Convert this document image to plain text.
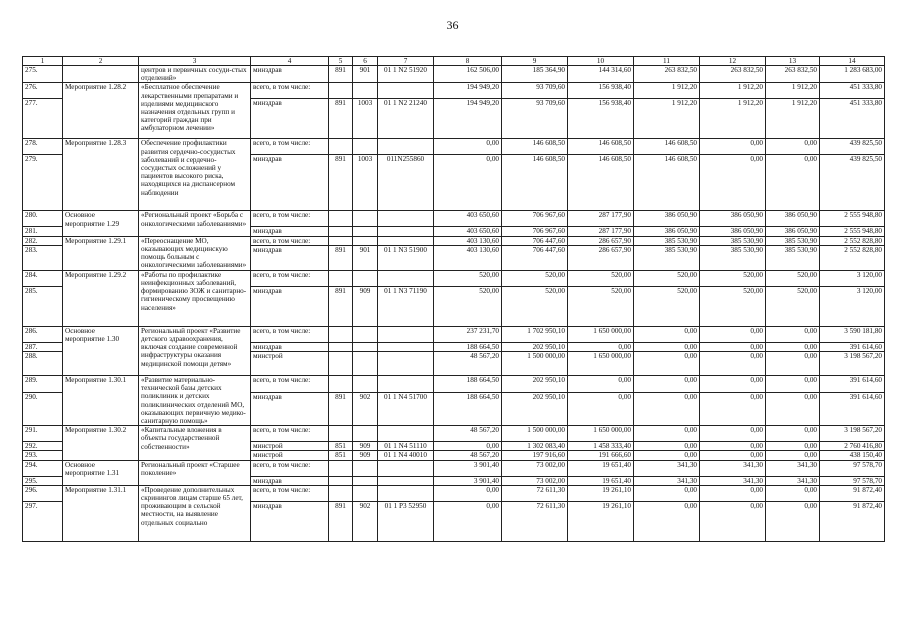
36
1	2	3	4	5	6	7	8	9	10	11	12	13	14
275.		центров и первичных сосуди-стых отделений»	минздрав	891	901	01 1 N2 51920	162 506,00	185 364,90	144 314,60	263 832,50	263 832,50	263 832,50	1 283 683,00
276.	Мероприятие 1.28.2	«Бесплатное обеспечение лекарственными препаратами и изделиями медицинского назначения отдельных групп и категорий граждан при амбулаторном лечении»	всего, в том числе:				194 949,20	93 709,60	156 938,40	1 912,20	1 912,20	1 912,20	451 333,80
277.			минздрав	891	1003	01 1 N2 21240	194 949,20	93 709,60	156 938,40	1 912,20	1 912,20	1 912,20	451 333,80
278.	Мероприятие 1.28.3	Обеспечение профилактики развития сердечно-сосудистых заболеваний и сердечно-сосудистых осложнений у пациентов высокого риска, находящихся на диспансерном наблюдении	всего, в том числе:				0,00	146 608,50	146 608,50	146 608,50	0,00	0,00	439 825,50
279.			минздрав	891	1003	011N255860	0,00	146 608,50	146 608,50	146 608,50	0,00	0,00	439 825,50
280.	Основное мероприятие 1.29	«Региональный проект «Борьба с онкологическими заболеваниями»	всего, в том числе:				403 650,60	706 967,60	287 177,90	386 050,90	386 050,90	386 050,90	2 555 948,80
281.			минздрав				403 650,60	706 967,60	287 177,90	386 050,90	386 050,90	386 050,90	2 555 948,80
282.	Мероприятие 1.29.1	«Переоснащение МО, оказывающих медицинскую помощь больным с онкологическими заболеваниями»	всего, в том числе:				403 130,60	706 447,60	286 657,90	385 530,90	385 530,90	385 530,90	2 552 828,80
283.			минздрав	891	901	01 1 N3 51900	403 130,60	706 447,60	286 657,90	385 530,90	385 530,90	385 530,90	2 552 828,80
284.	Мероприятие 1.29.2	«Работы по профилактике неинфекционных заболеваний, формированию ЗОЖ и санитарно-гигиеническому просвещению населения»	всего, в том числе:				520,00	520,00	520,00	520,00	520,00	520,00	3 120,00
285.			минздрав	891	909	01 1 N3 71190	520,00	520,00	520,00	520,00	520,00	520,00	3 120,00
286.	Основное мероприятие 1.30	Региональный проект «Развитие детского здравоохранения, включая создание современной инфраструктуры оказания медицинской помощи детям»	всего, в том числе:				237 231,70	1 702 950,10	1 650 000,00	0,00	0,00	0,00	3 590 181,80
287.			минздрав				188 664,50	202 950,10	0,00	0,00	0,00	0,00	391 614,60
288.			минстрой				48 567,20	1 500 000,00	1 650 000,00	0,00	0,00	0,00	3 198 567,20
289.	Мероприятие 1.30.1	«Развитие материально-технической базы детских поликлиник и детских поликлинических отделений МО, оказывающих первичную медико-санитарную помощь»	всего, в том числе:				188 664,50	202 950,10	0,00	0,00	0,00	0,00	391 614,60
290.			минздрав	891	902	01 1 N4 51700	188 664,50	202 950,10	0,00	0,00	0,00	0,00	391 614,60
291.	Мероприятие 1.30.2	«Капитальные вложения в объекты государственной собственности»	всего, в том числе:				48 567,20	1 500 000,00	1 650 000,00	0,00	0,00	0,00	3 198 567,20
292.			минстрой	851	909	01 1 N4 51110	0,00	1 302 083,40	1 458 333,40	0,00	0,00	0,00	2 760 416,80
293.			минстрой	851	909	01 1 N4 40010	48 567,20	197 916,60	191 666,60	0,00	0,00	0,00	438 150,40
294.	Основное мероприятие 1.31	Региональный проект «Старшее поколение»	всего, в том числе:				3 901,40	73 002,00	19 651,40	341,30	341,30	341,30	97 578,70
295.			минздрав				3 901,40	73 002,00	19 651,40	341,30	341,30	341,30	97 578,70
296.	Мероприятие 1.31.1	«Проведение дополнительных скринингов лицам старше 65 лет, проживающим в сельской местности, на выявление отдельных социально	всего, в том числе:				0,00	72 611,30	19 261,10	0,00	0,00	0,00	91 872,40
297.			минздрав	891	902	01 1 P3 52950	0,00	72 611,30	19 261,10	0,00	0,00	0,00	91 872,40
